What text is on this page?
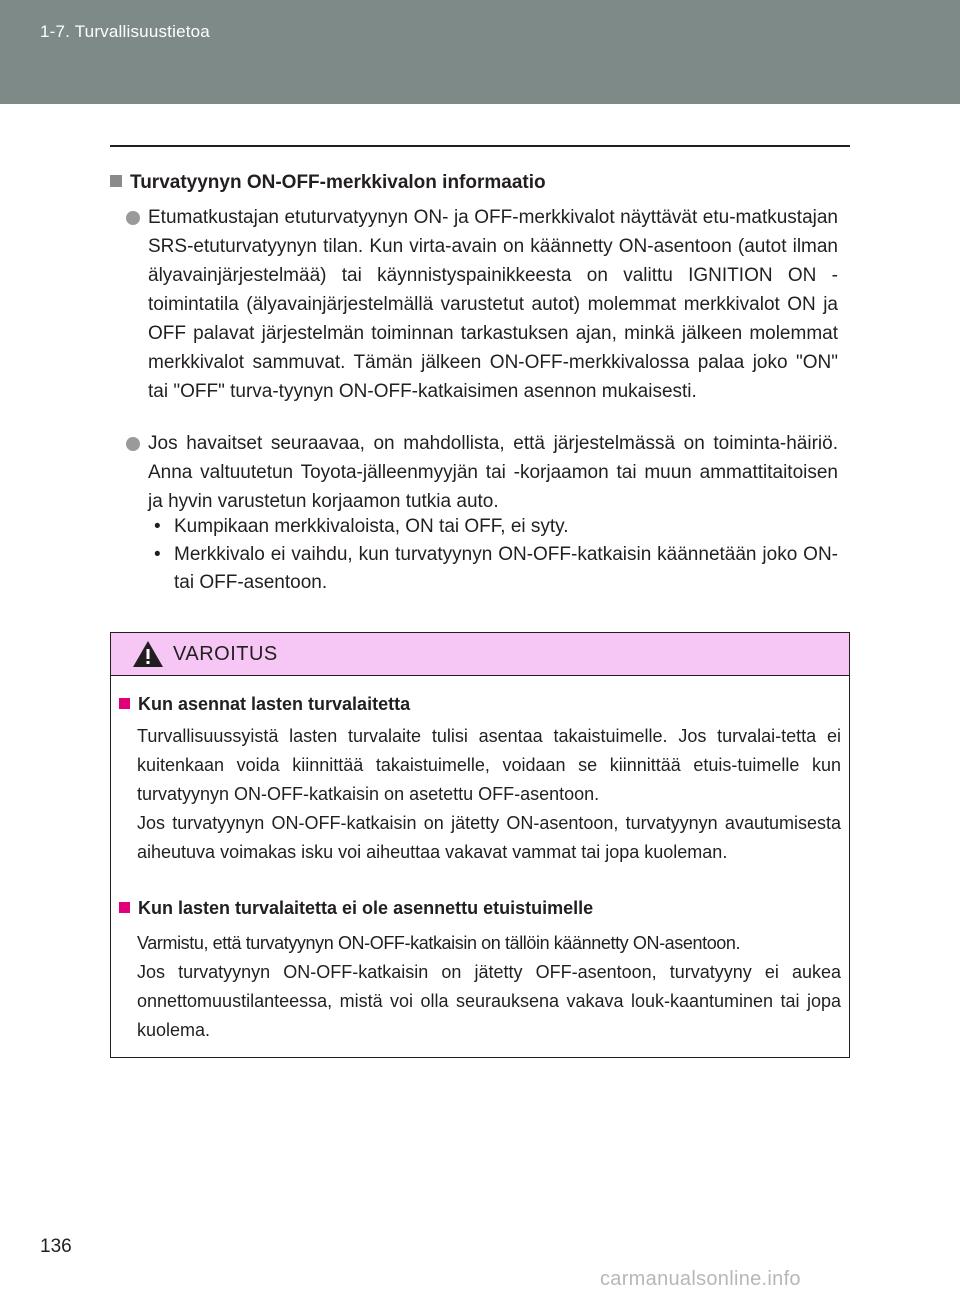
1-7. Turvallisuustietoa
Turvatyynyn ON-OFF-merkkivalon informaatio
Etumatkustajan etuturvatyynyn ON- ja OFF-merkkivalot näyttävät etu-matkustajan SRS-etuturvatyynyn tilan. Kun virta-avain on käännetty ON-asentoon (autot ilman älyavainjärjestelmää) tai käynnistyspainikkeesta on valittu IGNITION ON -toimintatila (älyavainjärjestelmällä varustetut autot) molemmat merkkivalot ON ja OFF palavat järjestelmän toiminnan tarkastuksen ajan, minkä jälkeen molemmat merkkivalot sammuvat. Tämän jälkeen ON-OFF-merkkivalossa palaa joko "ON" tai "OFF" turva-tyynyn ON-OFF-katkaisimen asennon mukaisesti.
Jos havaitset seuraavaa, on mahdollista, että järjestelmässä on toiminta-häiriö. Anna valtuutetun Toyota-jälleenmyyjän tai -korjaamon tai muun ammattitaitoisen ja hyvin varustetun korjaamon tutkia auto.
• Kumpikaan merkkivaloista, ON tai OFF, ei syty.
• Merkkivalo ei vaihdu, kun turvatyynyn ON-OFF-katkaisin käännetään joko ON- tai OFF-asentoon.
VAROITUS
Kun asennat lasten turvalaitetta
Turvallisuussyistä lasten turvalaite tulisi asentaa takaistuimelle. Jos turvalai-tetta ei kuitenkaan voida kiinnittää takaistuimelle, voidaan se kiinnittää etuis-tuimelle kun turvatyynyn ON-OFF-katkaisin on asetettu OFF-asentoon.
Jos turvatyynyn ON-OFF-katkaisin on jätetty ON-asentoon, turvatyynyn avautumisesta aiheutuva voimakas isku voi aiheuttaa vakavat vammat tai jopa kuoleman.
Kun lasten turvalaitetta ei ole asennettu etuistuimelle
Varmistu, että turvatyynyn ON-OFF-katkaisin on tällöin käännetty ON-asentoon.
Jos turvatyynyn ON-OFF-katkaisin on jätetty OFF-asentoon, turvatyyny ei aukea onnettomuustilanteessa, mistä voi olla seurauksena vakava louk-kaantuminen tai jopa kuolema.
136
carmanualsonline.info
